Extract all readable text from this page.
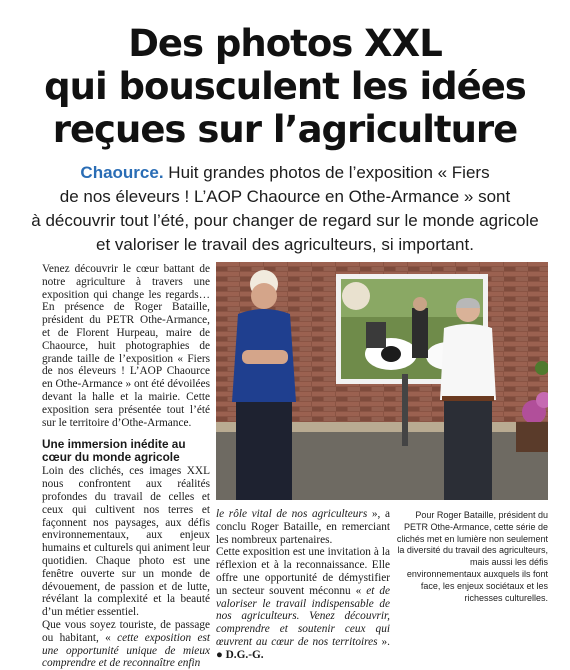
Des photos XXL
qui bousculent les idées
reçues sur l’agriculture
Chaource. Huit grandes photos de l’exposition « Fiers
de nos éleveurs ! L’AOP Chaource en Othe-Armance » sont
à découvrir tout l’été, pour changer de regard sur le monde agricole
et valoriser le travail des agriculteurs, si important.

Venez découvrir le cœur battant de notre agriculture à travers une exposition qui change les regards… En présence de Roger Bataille, président du PETR Othe-Armance, et de Florent Hurpeau, maire de Chaource, huit photographies de grande taille de l’exposition « Fiers de nos éleveurs ! L’AOP Chaource en Othe-Armance » ont été dévoilées devant la halle et la mairie. Cette exposition sera présentée tout l’été sur le territoire d’Othe-Armance.

Une immersion inédite au cœur du monde agricole

Loin des clichés, ces images XXL nous confrontent aux réalités profondes du travail de celles et ceux qui cultivent nos terres et façonnent nos paysages, aux défis environnementaux, aux enjeux humains et culturels qui animent leur quotidien. Chaque photo est une fenêtre ouverte sur un monde de dévouement, de passion et de lutte, révélant la complexité et la beauté d’un métier essentiel.

Que vous soyez touriste, de passage ou habitant, « cette exposition est une opportunité unique de mieux comprendre et de reconnaître enfin

le rôle vital de nos agriculteurs », a conclu Roger Bataille, en remerciant les nombreux partenaires.

Cette exposition est une invitation à la réflexion et à la reconnaissance. Elle offre une opportunité de démystifier un secteur souvent méconnu « et de valoriser le travail indispensable de nos agriculteurs. Venez découvrir, comprendre et soutenir ceux qui œuvrent au cœur de nos territoires ». ● D.G.-G.

Pour Roger Bataille, président du PETR Othe-Armance, cette série de clichés met en lumière non seulement la diversité du travail des agriculteurs, mais aussi les défis environnementaux auxquels ils font face, les enjeux sociétaux et les richesses culturelles.
